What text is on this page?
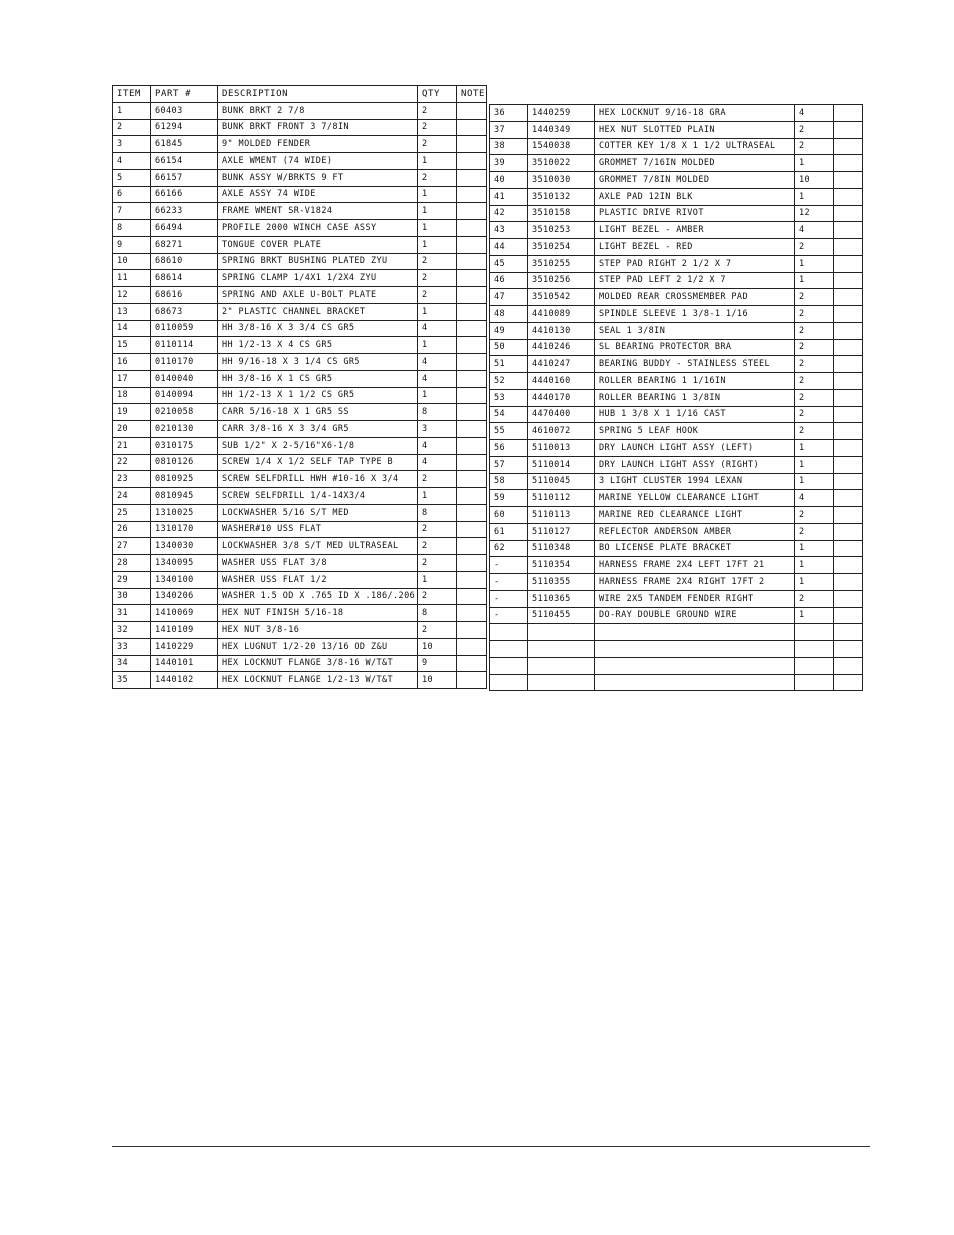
ITEM	PART #	DESCRIPTION	QTY	NOTE
1	60403	BUNK BRKT 2 7/8	2	
2	61294	BUNK BRKT FRONT 3 7/8IN	2	
3	61845	9" MOLDED FENDER	2	
4	66154	AXLE WMENT (74 WIDE)	1	
5	66157	BUNK ASSY W/BRKTS 9 FT	2	
6	66166	AXLE ASSY 74 WIDE	1	
7	66233	FRAME WMENT SR-V1824	1	
8	66494	PROFILE 2000 WINCH CASE ASSY	1	
9	68271	TONGUE COVER PLATE	1	
10	68610	SPRING BRKT BUSHING PLATED ZYU	2	
11	68614	SPRING CLAMP 1/4X1 1/2X4 ZYU	2	
12	68616	SPRING AND AXLE U-BOLT PLATE	2	
13	68673	2" PLASTIC CHANNEL BRACKET	1	
14	0110059	HH 3/8-16 X 3 3/4 CS GR5	4	
15	0110114	HH 1/2-13 X 4 CS GR5	1	
16	0110170	HH 9/16-18 X 3 1/4 CS GR5	4	
17	0140040	HH 3/8-16 X 1 CS GR5	4	
18	0140094	HH 1/2-13 X 1 1/2 CS GR5	1	
19	0210058	CARR 5/16-18 X 1 GR5 SS	8	
20	0210130	CARR 3/8-16 X 3 3/4 GR5	3	
21	0310175	SUB 1/2" X 2-5/16"X6-1/8	4	
22	0810126	SCREW 1/4 X 1/2 SELF TAP TYPE B	4	
23	0810925	SCREW SELFDRILL HWH #10-16 X 3/4	2	
24	0810945	SCREW SELFDRILL 1/4-14X3/4	1	
25	1310025	LOCKWASHER 5/16 S/T MED	8	
26	1310170	WASHER#10 USS FLAT	2	
27	1340030	LOCKWASHER 3/8 S/T MED ULTRASEAL	2	
28	1340095	WASHER USS FLAT 3/8	2	
29	1340100	WASHER USS FLAT 1/2	1	
30	1340206	WASHER 1.5 OD X .765 ID X .186/.206	2	
31	1410069	HEX NUT FINISH 5/16-18	8	
32	1410109	HEX NUT 3/8-16	2	
33	1410229	HEX LUGNUT 1/2-20 13/16 OD Z&U	10	
34	1440101	HEX LOCKNUT FLANGE 3/8-16 W/T&T	9	
35	1440102	HEX LOCKNUT FLANGE 1/2-13 W/T&T	10	
36	1440259	HEX LOCKNUT 9/16-18 GRA	4	
37	1440349	HEX NUT SLOTTED PLAIN	2	
38	1540038	COTTER KEY 1/8 X 1 1/2 ULTRASEAL	2	
39	3510022	GROMMET 7/16IN MOLDED	1	
40	3510030	GROMMET 7/8IN MOLDED	10	
41	3510132	AXLE PAD 12IN BLK	1	
42	3510158	PLASTIC DRIVE RIVOT	12	
43	3510253	LIGHT BEZEL - AMBER	4	
44	3510254	LIGHT BEZEL - RED	2	
45	3510255	STEP PAD RIGHT 2 1/2 X 7	1	
46	3510256	STEP PAD LEFT 2 1/2 X 7	1	
47	3510542	MOLDED REAR CROSSMEMBER PAD	2	
48	4410089	SPINDLE SLEEVE 1 3/8-1 1/16	2	
49	4410130	SEAL 1 3/8IN	2	
50	4410246	SL BEARING PROTECTOR BRA	2	
51	4410247	BEARING BUDDY - STAINLESS STEEL	2	
52	4440160	ROLLER BEARING 1 1/16IN	2	
53	4440170	ROLLER BEARING 1 3/8IN	2	
54	4470400	HUB 1 3/8 X 1 1/16 CAST	2	
55	4610072	SPRING 5 LEAF HOOK	2	
56	5110013	DRY LAUNCH LIGHT ASSY (LEFT)	1	
57	5110014	DRY LAUNCH LIGHT ASSY (RIGHT)	1	
58	5110045	3 LIGHT CLUSTER 1994 LEXAN	1	
59	5110112	MARINE YELLOW CLEARANCE LIGHT	4	
60	5110113	MARINE RED CLEARANCE LIGHT	2	
61	5110127	REFLECTOR ANDERSON AMBER	2	
62	5110348	BO LICENSE PLATE BRACKET	1	
-	5110354	HARNESS FRAME 2X4 LEFT 17FT 21	1	
-	5110355	HARNESS FRAME 2X4 RIGHT 17FT 2	1	
-	5110365	WIRE 2X5 TANDEM FENDER RIGHT	2	
-	5110455	DO-RAY DOUBLE GROUND WIRE	1	
